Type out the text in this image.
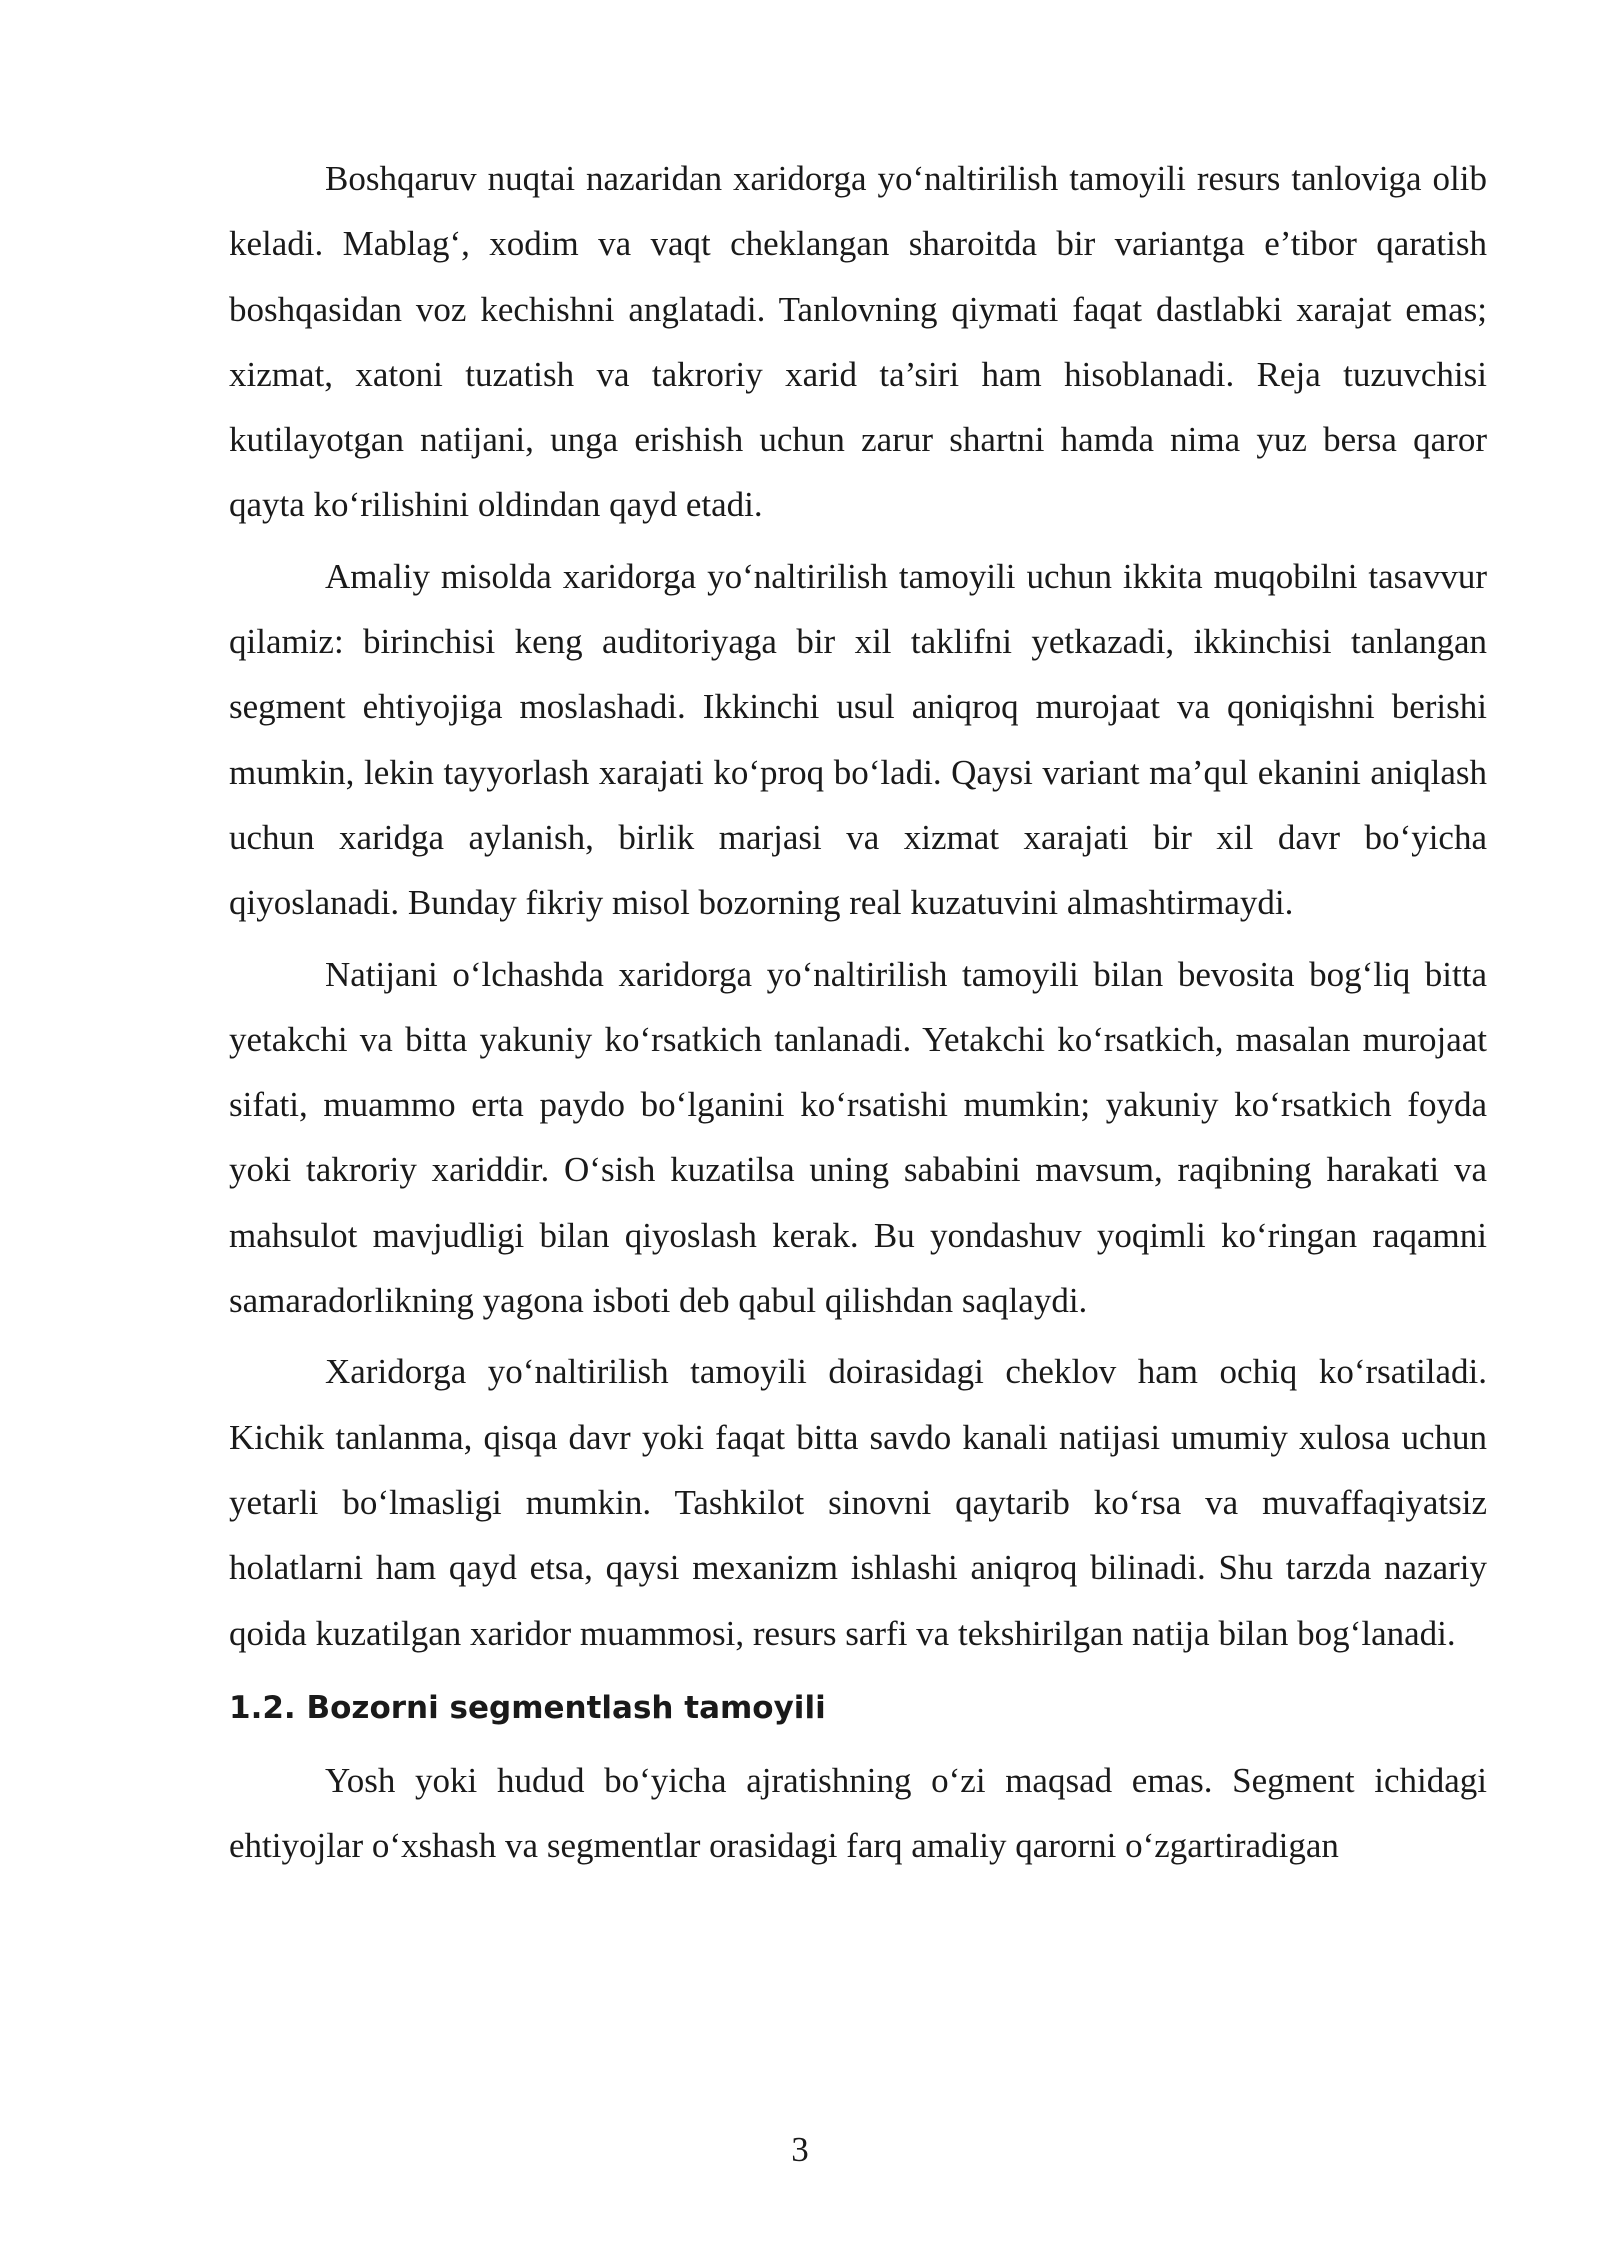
Boshqaruv nuqtai nazaridan xaridorga yo‘naltirilish tamoyili resurs tanloviga olib keladi. Mablag‘, xodim va vaqt cheklangan sharoitda bir variantga e’tibor qaratish boshqasidan voz kechishni anglatadi. Tanlovning qiymati faqat dastlabki xarajat emas; xizmat, xatoni tuzatish va takroriy xarid ta’siri ham hisoblanadi. Reja tuzuvchisi kutilayotgan natijani, unga erishish uchun zarur shartni hamda nima yuz bersa qaror qayta ko‘rilishini oldindan qayd etadi.

Amaliy misolda xaridorga yo‘naltirilish tamoyili uchun ikkita muqobilni tasavvur qilamiz: birinchisi keng auditoriyaga bir xil taklifni yetkazadi, ikkinchisi tanlangan segment ehtiyojiga moslashadi. Ikkinchi usul aniqroq murojaat va qoniqishni berishi mumkin, lekin tayyorlash xarajati ko‘proq bo‘ladi. Qaysi variant ma’qul ekanini aniqlash uchun xaridga aylanish, birlik marjasi va xizmat xarajati bir xil davr bo‘yicha qiyoslanadi. Bunday fikriy misol bozorning real kuzatuvini almashtirmaydi.

Natijani o‘lchashda xaridorga yo‘naltirilish tamoyili bilan bevosita bog‘liq bitta yetakchi va bitta yakuniy ko‘rsatkich tanlanadi. Yetakchi ko‘rsatkich, masalan murojaat sifati, muammo erta paydo bo‘lganini ko‘rsatishi mumkin; yakuniy ko‘rsatkich foyda yoki takroriy xariddir. O‘sish kuzatilsa uning sababini mavsum, raqibning harakati va mahsulot mavjudligi bilan qiyoslash kerak. Bu yondashuv yoqimli ko‘ringan raqamni samaradorlikning yagona isboti deb qabul qilishdan saqlaydi.

Xaridorga yo‘naltirilish tamoyili doirasidagi cheklov ham ochiq ko‘rsatiladi. Kichik tanlanma, qisqa davr yoki faqat bitta savdo kanali natijasi umumiy xulosa uchun yetarli bo‘lmasligi mumkin. Tashkilot sinovni qaytarib ko‘rsa va muvaffaqiyatsiz holatlarni ham qayd etsa, qaysi mexanizm ishlashi aniqroq bilinadi. Shu tarzda nazariy qoida kuzatilgan xaridor muammosi, resurs sarfi va tekshirilgan natija bilan bog‘lanadi.

1.2. Bozorni segmentlash tamoyili

Yosh yoki hudud bo‘yicha ajratishning o‘zi maqsad emas. Segment ichidagi ehtiyojlar o‘xshash va segmentlar orasidagi farq amaliy qarorni o‘zgartiradigan

3
